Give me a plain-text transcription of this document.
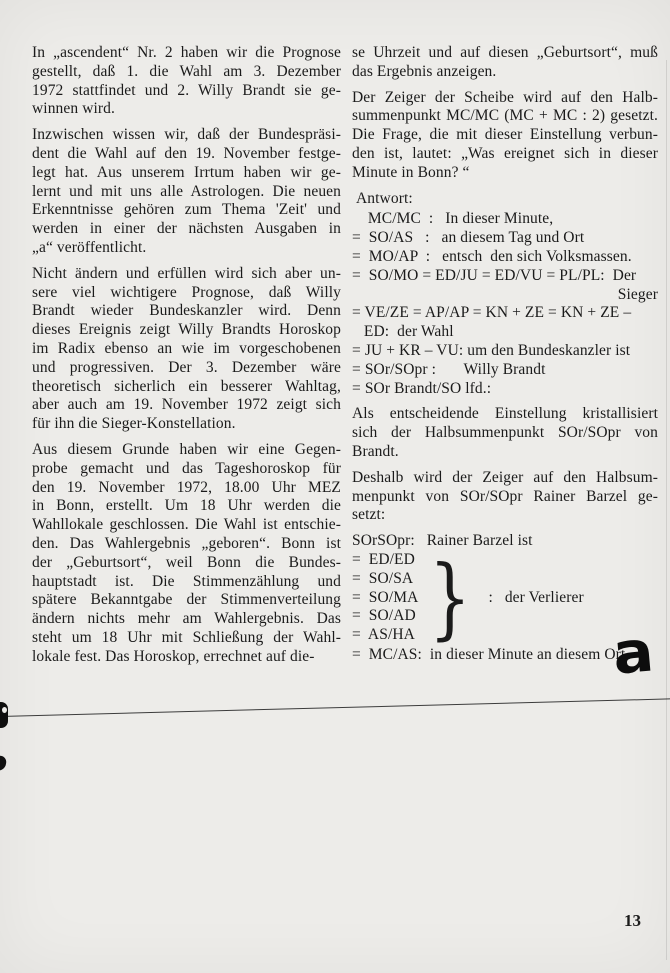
In „ascendent“ Nr. 2 haben wir die Prognose
gestellt, daß 1. die Wahl am 3. Dezember
1972 stattfindet und 2. Willy Brandt sie ge-
winnen wird.
Inzwischen wissen wir, daß der Bundespräsi-
dent die Wahl auf den 19. November festge-
legt hat. Aus unserem Irrtum haben wir ge-
lernt und mit uns alle Astrologen. Die neuen
Erkenntnisse gehören zum Thema 'Zeit' und
werden in einer der nächsten Ausgaben in
„a“ veröffentlicht.
Nicht ändern und erfüllen wird sich aber un-
sere viel wichtigere Prognose, daß Willy
Brandt wieder Bundeskanzler wird. Denn
dieses Ereignis zeigt Willy Brandts Horoskop
im Radix ebenso an wie im vorgeschobenen
und progressiven. Der 3. Dezember wäre
theoretisch sicherlich ein besserer Wahltag,
aber auch am 19. November 1972 zeigt sich
für ihn die Sieger-Konstellation.
Aus diesem Grunde haben wir eine Gegen-
probe gemacht und das Tageshoroskop für
den 19. November 1972, 18.00 Uhr MEZ
in Bonn, erstellt. Um 18 Uhr werden die
Wahllokale geschlossen. Die Wahl ist entschie-
den. Das Wahlergebnis „geboren“. Bonn ist
der „Geburtsort“, weil Bonn die Bundes-
hauptstadt ist. Die Stimmenzählung und
spätere Bekanntgabe der Stimmenverteilung
ändern nichts mehr am Wahlergebnis. Das
steht um 18 Uhr mit Schließung der Wahl-
lokale fest. Das Horoskop, errechnet auf die-
se Uhrzeit und auf diesen „Geburtsort“, muß
das Ergebnis anzeigen.
Der Zeiger der Scheibe wird auf den Halb-
summenpunkt MC/MC (MC + MC : 2) gesetzt.
Die Frage, die mit dieser Einstellung verbun-
den ist, lautet: „Was ereignet sich in dieser
Minute in Bonn? “
Antwort:
MC/MC  :   In dieser Minute,
=  SO/AS   :   an diesem Tag und Ort
=  MO/AP  :   entsch  den sich Volksmassen.
=  SO/MO = ED/JU = ED/VU = PL/PL:  Der
Sieger
= VE/ZE = AP/AP = KN + ZE = KN + ZE –
ED:  der Wahl
= JU + KR – VU: um den Bundeskanzler ist
= SOr/SOpr :       Willy Brandt
= SOr Brandt/SO lfd.:
Als entscheidende Einstellung kristallisiert
sich der Halbsummenpunkt SOr/SOpr von
Brandt.
Deshalb wird der Zeiger auf den Halbsum-
menpunkt von SOr/SOpr Rainer Barzel ge-
setzt:
SOrSOpr:   Rainer Barzel ist
=  ED/ED
=  SO/SA
=  SO/MA
=  SO/AD
=  AS/HA } :   der Verlierer
=  MC/AS:  in dieser Minute an diesem Ort.
a
13
